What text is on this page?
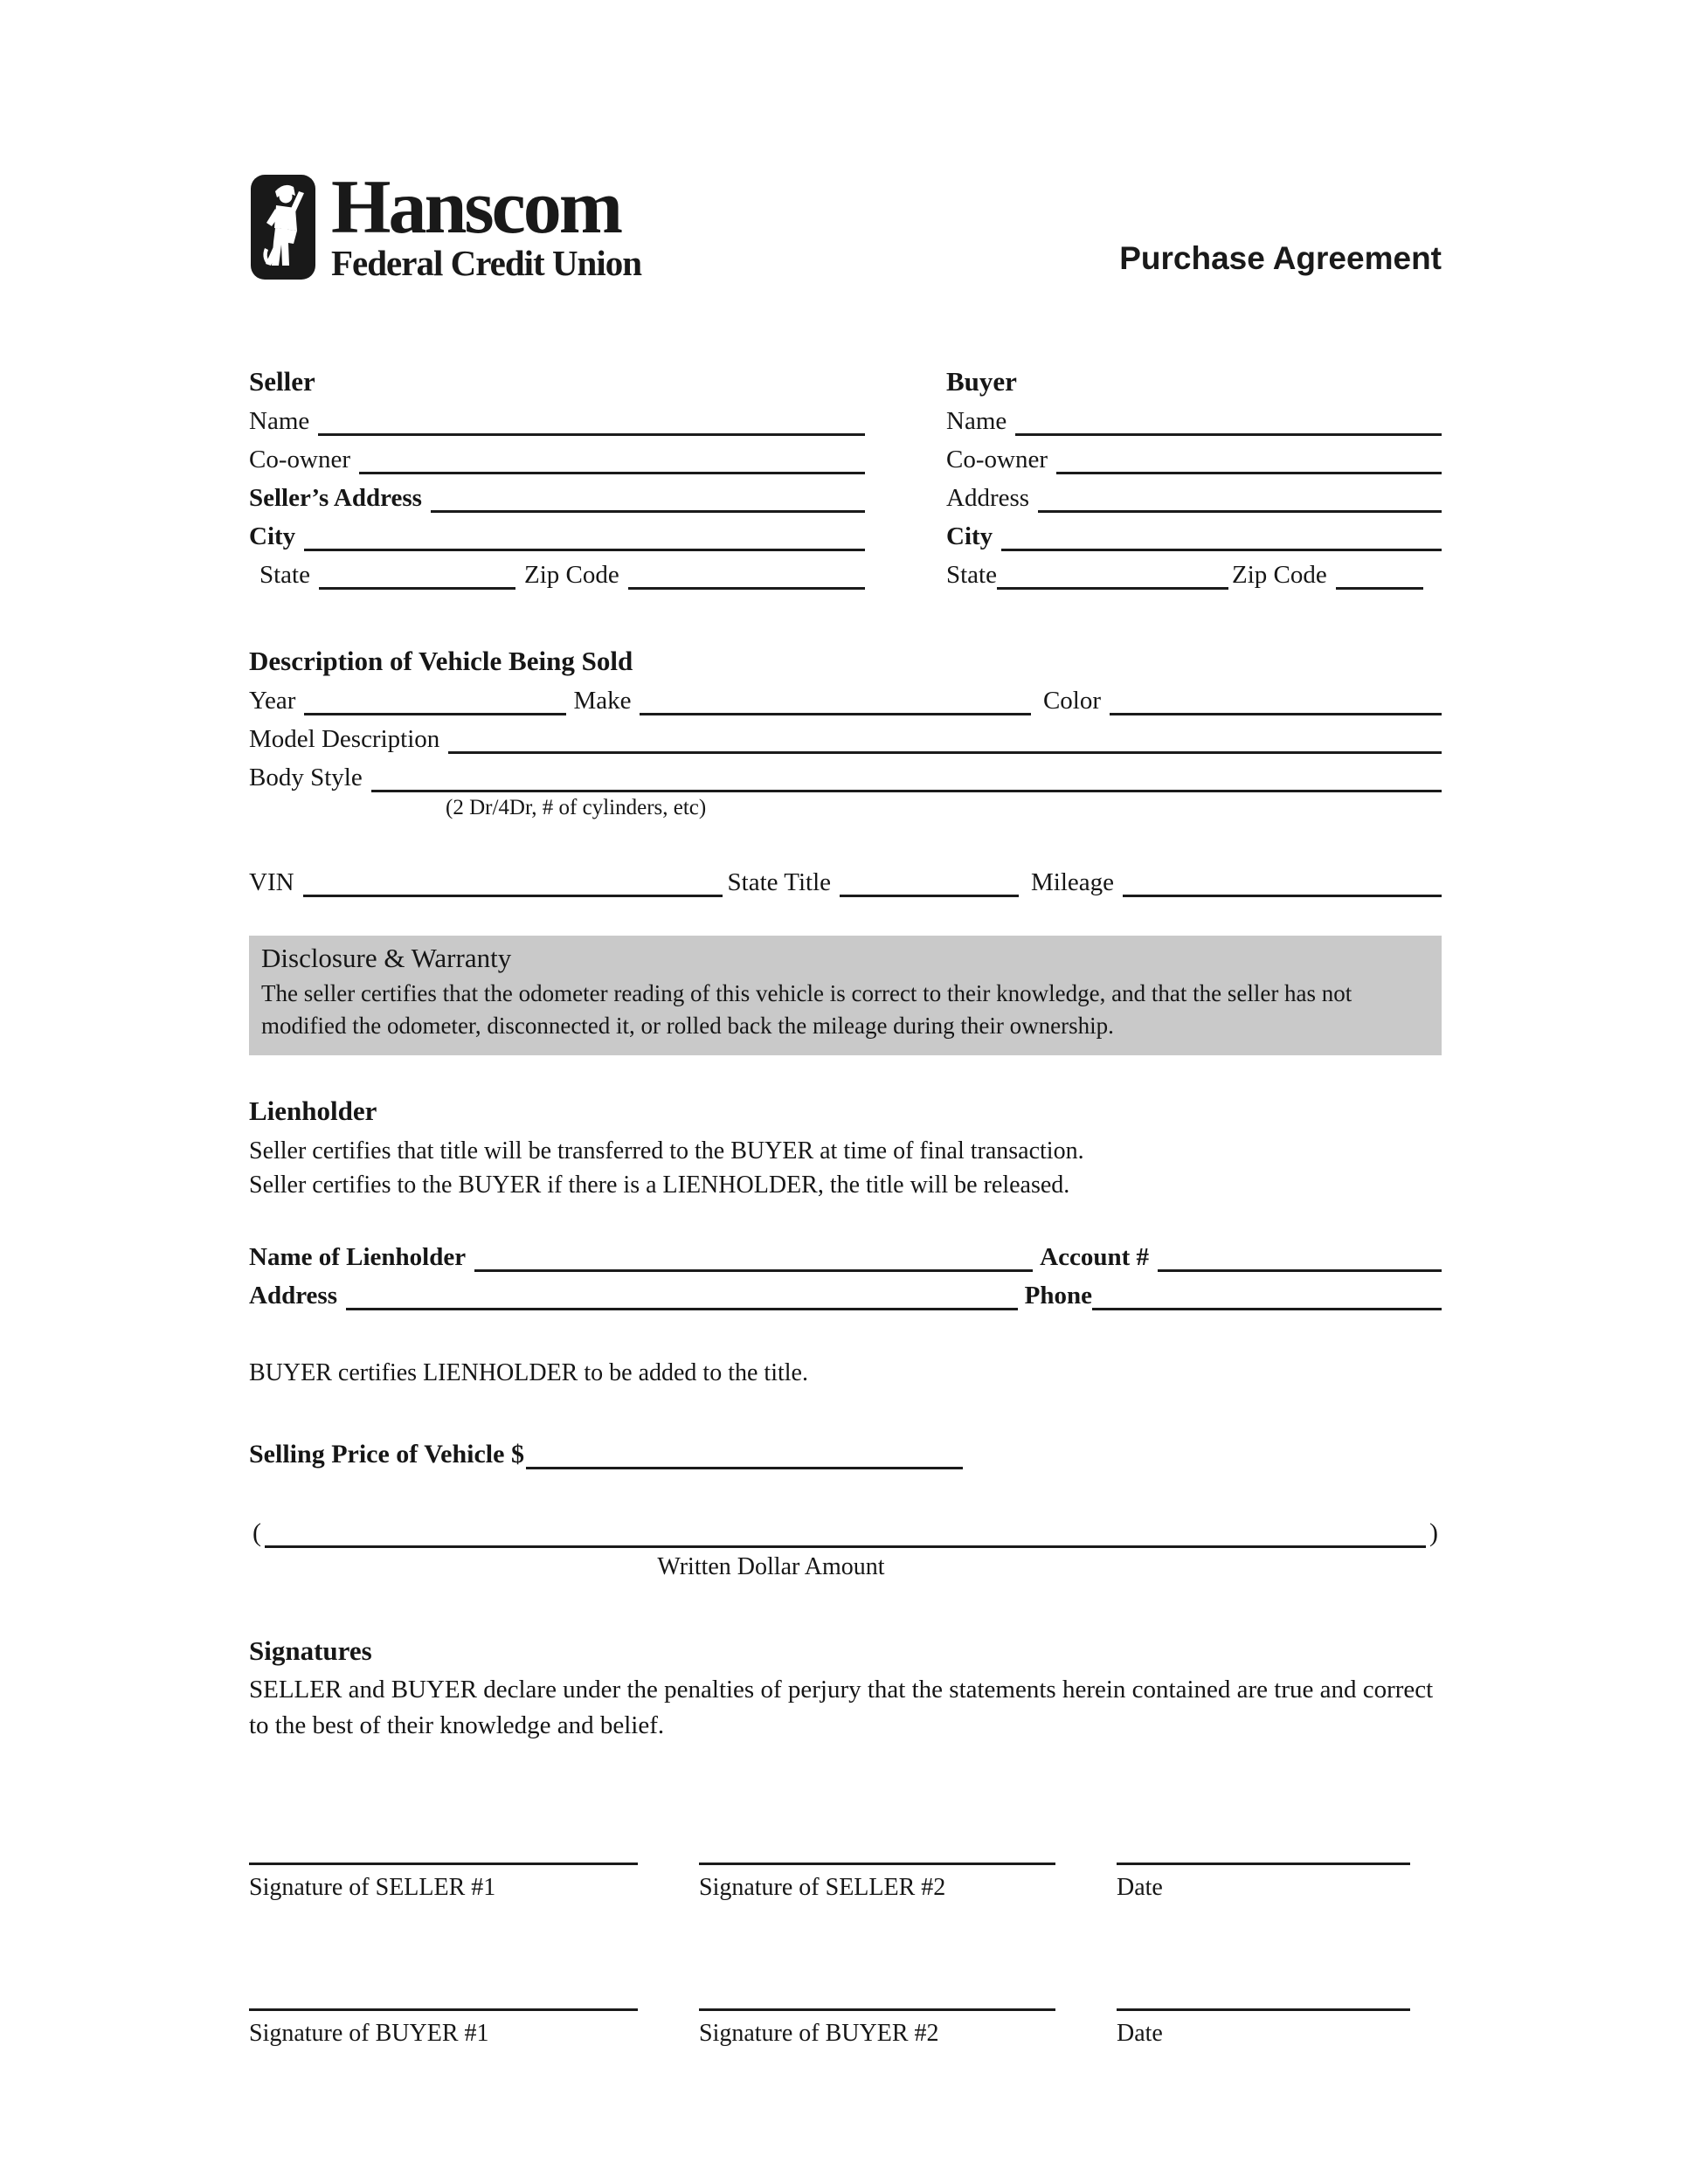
Hanscom
Federal Credit Union	Purchase Agreement
Seller
Name
Co-owner
Seller’s Address
City
State	Zip Code
Buyer
Name
Co-owner
Address
City
State	Zip Code
Description of Vehicle Being Sold
Year	Make	Color
Model Description
Body Style
(2 Dr/4Dr, # of cylinders, etc)
VIN	State Title	Mileage
Disclosure & Warranty
The seller certifies that the odometer reading of this vehicle is correct to their knowledge, and that the seller has not modified the odometer, disconnected it, or rolled back the mileage during their ownership.
Lienholder
Seller certifies that title will be transferred to the BUYER at time of final transaction.
Seller certifies to the BUYER if there is a LIENHOLDER, the title will be released.
Name of Lienholder	Account #
Address	Phone
BUYER certifies LIENHOLDER to be added to the title.
Selling Price of Vehicle $
(	)
Written Dollar Amount
Signatures
SELLER and BUYER declare under the penalties of perjury that the statements herein contained are true and correct to the best of their knowledge and belief.
Signature of SELLER #1	Signature of SELLER #2	Date
Signature of BUYER #1	Signature of BUYER #2	Date
